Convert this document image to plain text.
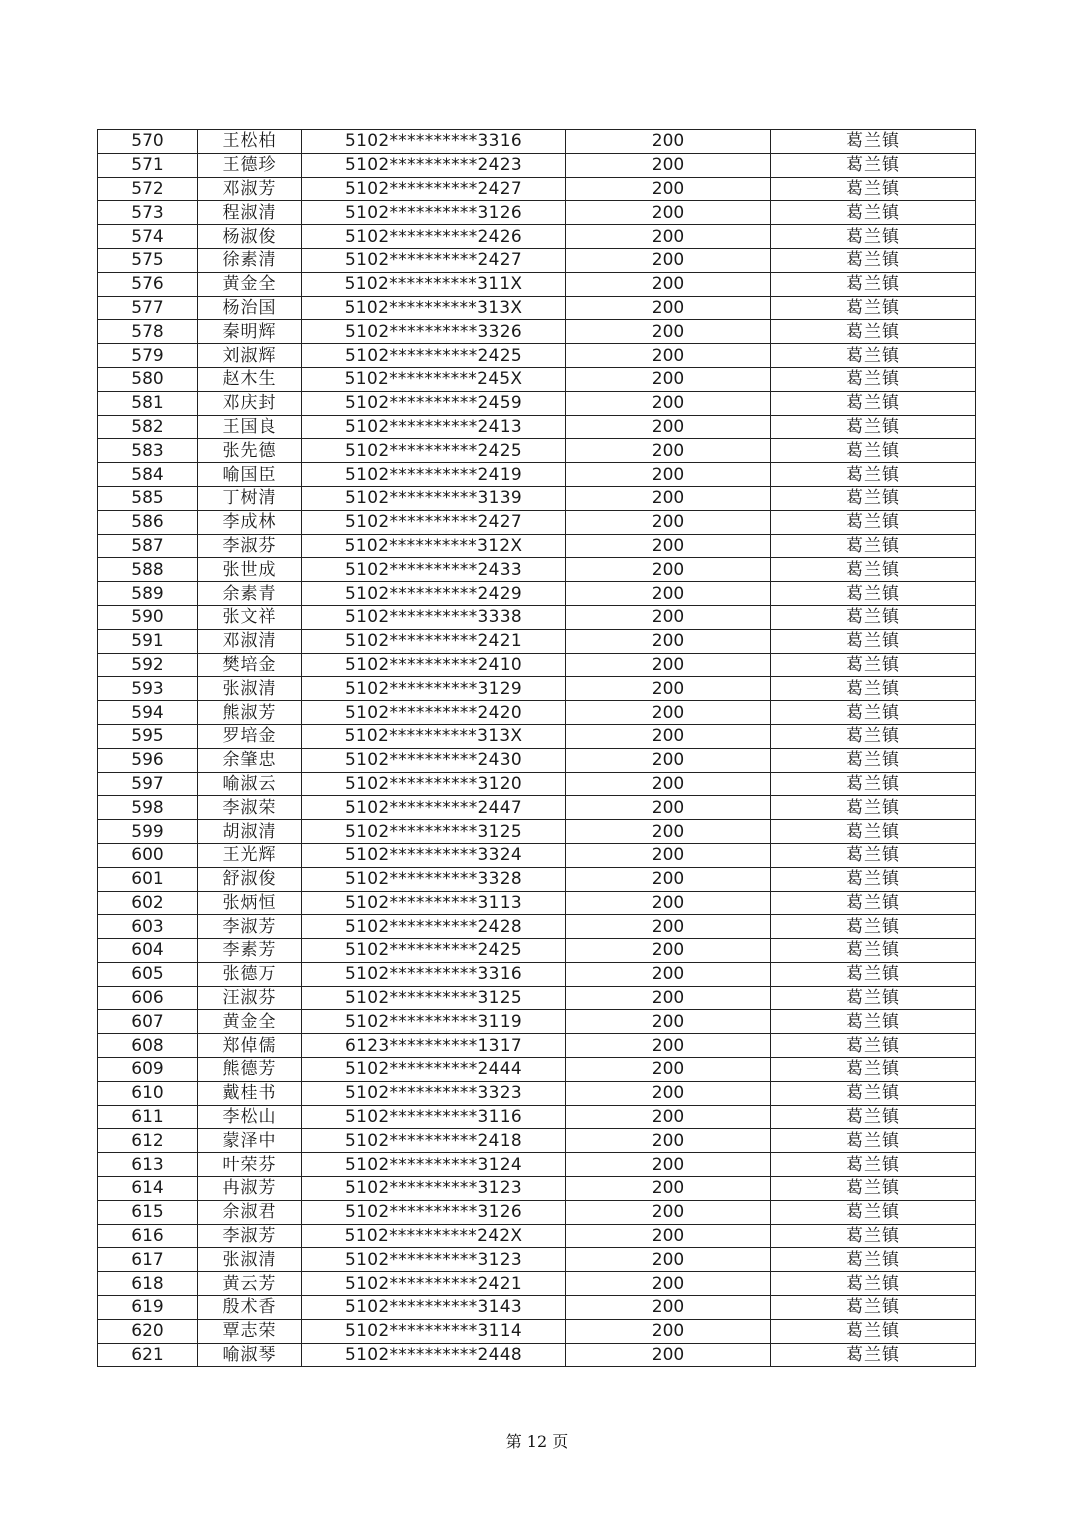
570	王松柏	5102**********3316	200	葛兰镇
571	王德珍	5102**********2423	200	葛兰镇
572	邓淑芳	5102**********2427	200	葛兰镇
573	程淑清	5102**********3126	200	葛兰镇
574	杨淑俊	5102**********2426	200	葛兰镇
575	徐素清	5102**********2427	200	葛兰镇
576	黄金全	5102**********311X	200	葛兰镇
577	杨治国	5102**********313X	200	葛兰镇
578	秦明辉	5102**********3326	200	葛兰镇
579	刘淑辉	5102**********2425	200	葛兰镇
580	赵木生	5102**********245X	200	葛兰镇
581	邓庆封	5102**********2459	200	葛兰镇
582	王国良	5102**********2413	200	葛兰镇
583	张先德	5102**********2425	200	葛兰镇
584	喻国臣	5102**********2419	200	葛兰镇
585	丁树清	5102**********3139	200	葛兰镇
586	李成林	5102**********2427	200	葛兰镇
587	李淑芬	5102**********312X	200	葛兰镇
588	张世成	5102**********2433	200	葛兰镇
589	余素青	5102**********2429	200	葛兰镇
590	张文祥	5102**********3338	200	葛兰镇
591	邓淑清	5102**********2421	200	葛兰镇
592	樊培金	5102**********2410	200	葛兰镇
593	张淑清	5102**********3129	200	葛兰镇
594	熊淑芳	5102**********2420	200	葛兰镇
595	罗培金	5102**********313X	200	葛兰镇
596	余肇忠	5102**********2430	200	葛兰镇
597	喻淑云	5102**********3120	200	葛兰镇
598	李淑荣	5102**********2447	200	葛兰镇
599	胡淑清	5102**********3125	200	葛兰镇
600	王光辉	5102**********3324	200	葛兰镇
601	舒淑俊	5102**********3328	200	葛兰镇
602	张炳恒	5102**********3113	200	葛兰镇
603	李淑芳	5102**********2428	200	葛兰镇
604	李素芳	5102**********2425	200	葛兰镇
605	张德万	5102**********3316	200	葛兰镇
606	汪淑芬	5102**********3125	200	葛兰镇
607	黄金全	5102**********3119	200	葛兰镇
608	郑倬儒	6123**********1317	200	葛兰镇
609	熊德芳	5102**********2444	200	葛兰镇
610	戴桂书	5102**********3323	200	葛兰镇
611	李松山	5102**********3116	200	葛兰镇
612	蒙泽中	5102**********2418	200	葛兰镇
613	叶荣芬	5102**********3124	200	葛兰镇
614	冉淑芳	5102**********3123	200	葛兰镇
615	余淑君	5102**********3126	200	葛兰镇
616	李淑芳	5102**********242X	200	葛兰镇
617	张淑清	5102**********3123	200	葛兰镇
618	黄云芳	5102**********2421	200	葛兰镇
619	殷术香	5102**********3143	200	葛兰镇
620	覃志荣	5102**********3114	200	葛兰镇
621	喻淑琴	5102**********2448	200	葛兰镇
第 12 页
